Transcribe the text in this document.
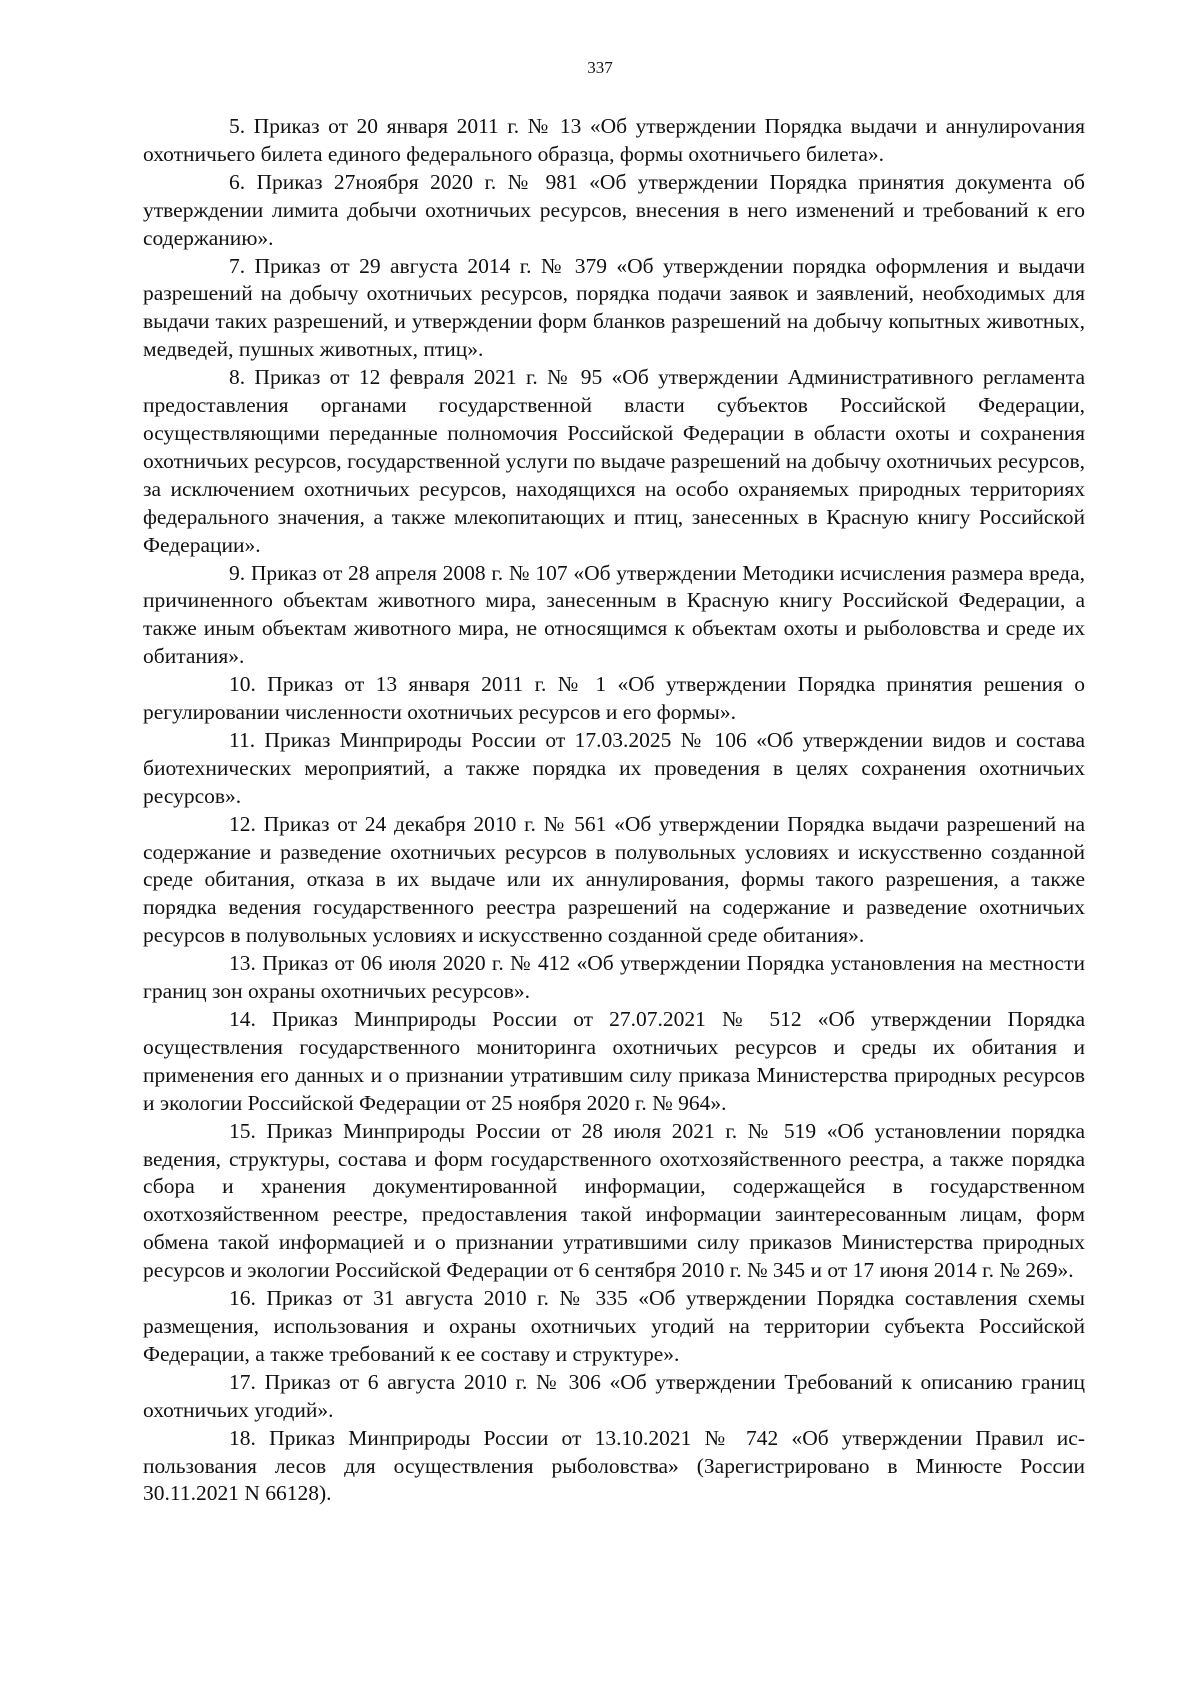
337

5. Приказ от 20 января 2011 г. № 13 «Об утверждении Порядка выдачи и аннулироvания охотничьего билета единого федерального образца, формы охотничьего билета».

6. Приказ 27ноября 2020 г. № 981 «Об утверждении Порядка принятия документа об утверждении лимита добычи охотничьих ресурсов, внесения в него изменений и требований к его содержанию».

7. Приказ от 29 августа 2014 г. № 379 «Об утверждении порядка оформления и выдачи разрешений на добычу охотничьих ресурсов, порядка подачи заявок и заявлений, необходимых для выдачи таких разрешений, и утверждении форм бланков разрешений на добычу копытных животных, медведей, пушных животных, птиц».

8. Приказ от 12 февраля 2021 г. № 95 «Об утверждении Административного регламента предоставления органами государственной власти субъектов Российской Федерации, осуществляющими переданные полномочия Российской Федерации в области охоты и сохранения охотничьих ресурсов, государственной услуги по выдаче разрешений на добычу охотничьих ресурсов, за исключением охотничьих ресурсов, находящихся на особо охраняемых природных территориях федерального значения, а также млекопитающих и птиц, занесенных в Красную книгу Российской Федерации».

9. Приказ от 28 апреля 2008 г. № 107 «Об утверждении Методики исчисления размера вреда, причиненного объектам животного мира, занесенным в Красную книгу Российской Федерации, а также иным объектам животного мира, не относящимся к объектам охоты и рыболовства и среде их обитания».

10. Приказ от 13 января 2011 г. № 1 «Об утверждении Порядка принятия решения о регулировании численности охотничьих ресурсов и его формы».

11. Приказ Минприроды России от 17.03.2025 № 106 «Об утверждении видов и состава биотехнических мероприятий, а также порядка их проведения в целях сохранения охотничьих ресурсов».

12. Приказ от 24 декабря 2010 г. № 561 «Об утверждении Порядка выдачи разрешений на содержание и разведение охотничьих ресурсов в полувольных условиях и искусственно созданной среде обитания, отказа в их выдаче или их аннулирования, формы такого разрешения, а также порядка ведения государственного реестра разрешений на содержание и разведение охотничьих ресурсов в полувольных условиях и искусственно созданной среде обитания».

13. Приказ от 06 июля 2020 г. № 412 «Об утверждении Порядка установления на местности границ зон охраны охотничьих ресурсов».

14. Приказ Минприроды России от 27.07.2021 № 512 «Об утверждении Порядка осуществления государственного мониторинга охотничьих ресурсов и среды их обитания и применения его данных и о признании утратившим силу приказа Министерства природных ресурсов и экологии Российской Федерации от 25 ноября 2020 г. № 964».

15. Приказ Минприроды России от 28 июля 2021 г. № 519 «Об установлении порядка ведения, структуры, состава и форм государственного охотхозяйственного реестра, а также порядка сбора и хранения документированной информации, содержащейся в государственном охотхозяйственном реестре, предоставления такой информации заинтересованным лицам, форм обмена такой информацией и о признании утратившими силу приказов Министерства природных ресурсов и экологии Российской Федерации от 6 сентября 2010 г. № 345 и от 17 июня 2014 г. № 269».

16. Приказ от 31 августа 2010 г. № 335 «Об утверждении Порядка составления схемы размещения, использования и охраны охотничьих угодий на территории субъекта Российской Федерации, а также требований к ее составу и структуре».

17. Приказ от 6 августа 2010 г. № 306 «Об утверждении Требований к описанию границ охотничьих угодий».

18. Приказ Минприроды России от 13.10.2021 № 742 «Об утверждении Правил использования лесов для осуществления рыболовства» (Зарегистрировано в Минюсте России 30.11.2021 N 66128).
